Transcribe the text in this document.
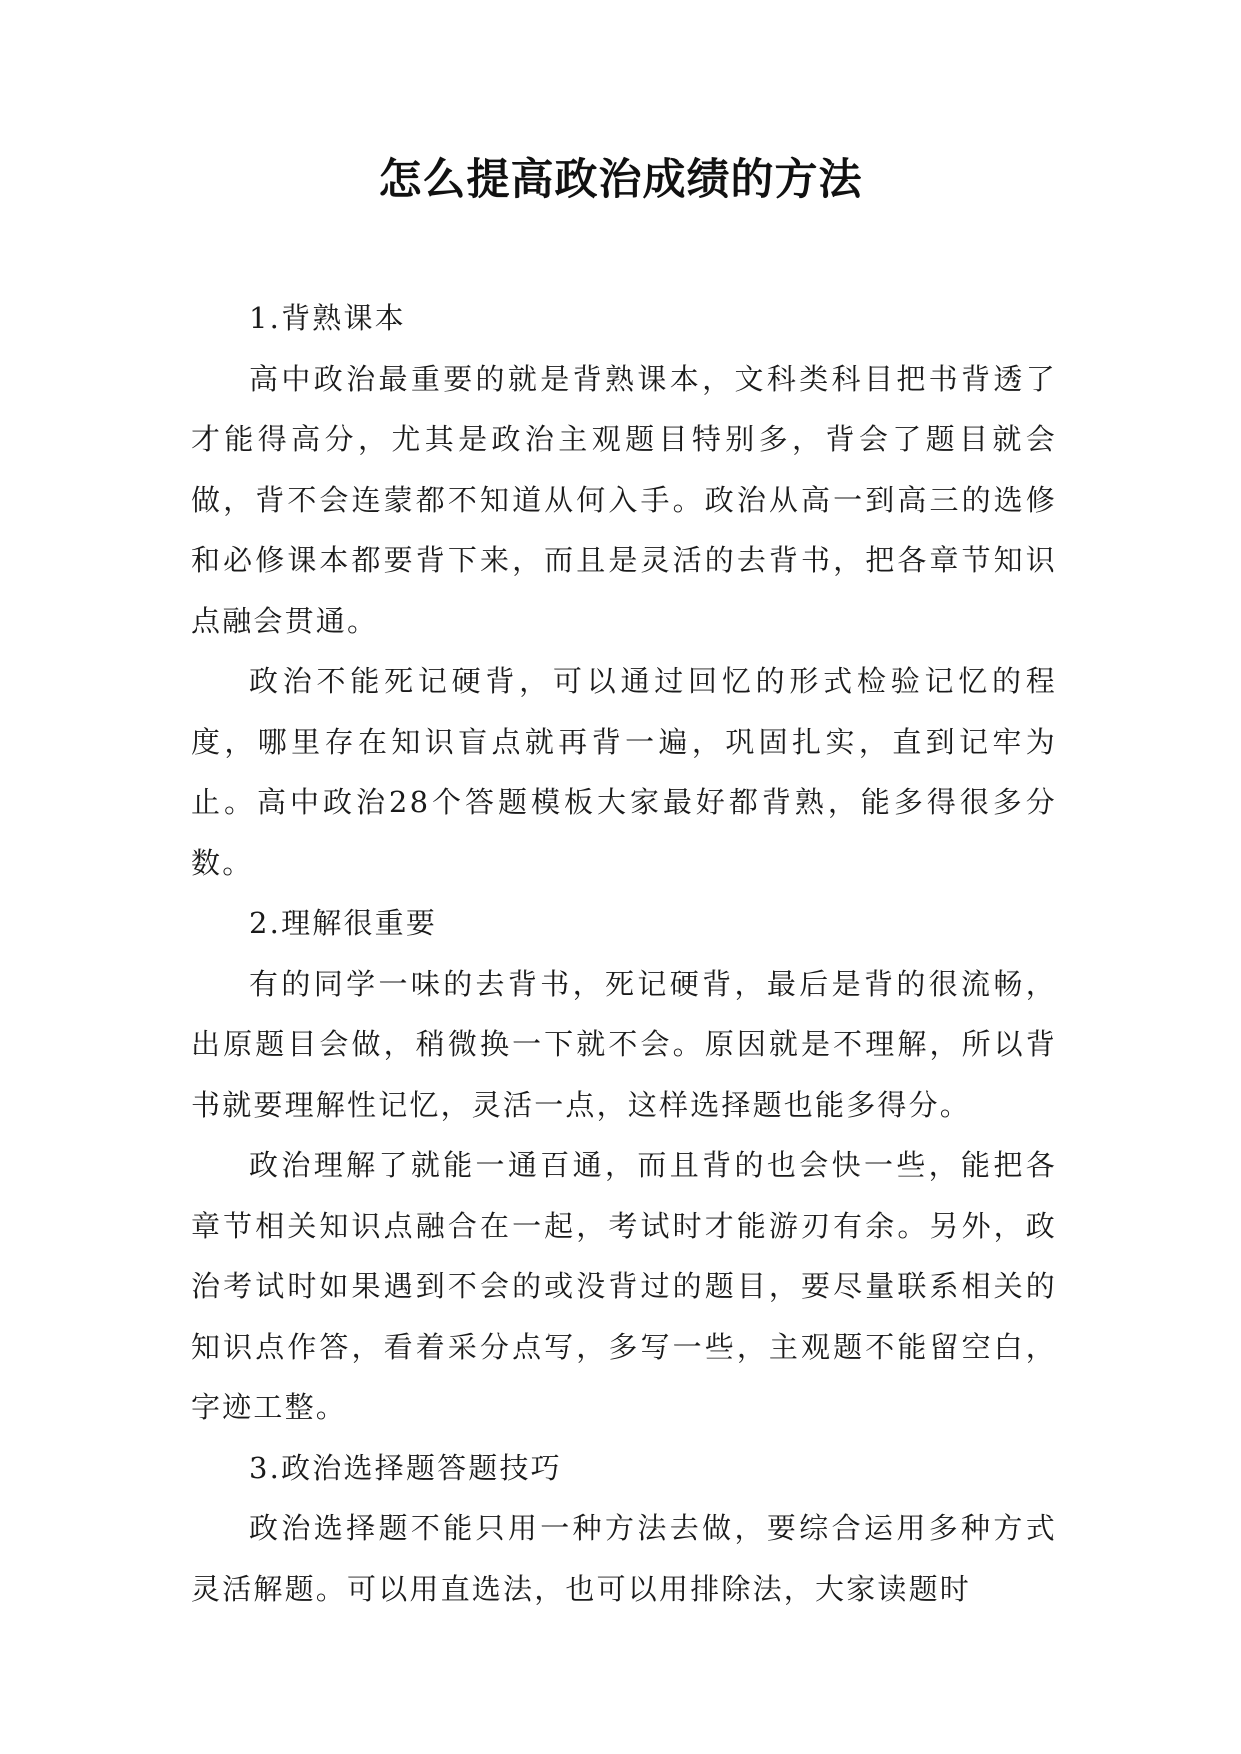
怎么提高政治成绩的方法

1.背熟课本

高中政治最重要的就是背熟课本，文科类科目把书背透了才能得高分，尤其是政治主观题目特别多，背会了题目就会做，背不会连蒙都不知道从何入手。政治从高一到高三的选修和必修课本都要背下来，而且是灵活的去背书，把各章节知识点融会贯通。

政治不能死记硬背，可以通过回忆的形式检验记忆的程度，哪里存在知识盲点就再背一遍，巩固扎实，直到记牢为止。高中政治28个答题模板大家最好都背熟，能多得很多分数。

2.理解很重要

有的同学一味的去背书，死记硬背，最后是背的很流畅，出原题目会做，稍微换一下就不会。原因就是不理解，所以背书就要理解性记忆，灵活一点，这样选择题也能多得分。

政治理解了就能一通百通，而且背的也会快一些，能把各章节相关知识点融合在一起，考试时才能游刃有余。另外，政治考试时如果遇到不会的或没背过的题目，要尽量联系相关的知识点作答，看着采分点写，多写一些，主观题不能留空白，字迹工整。

3.政治选择题答题技巧

政治选择题不能只用一种方法去做，要综合运用多种方式灵活解题。可以用直选法，也可以用排除法，大家读题时
